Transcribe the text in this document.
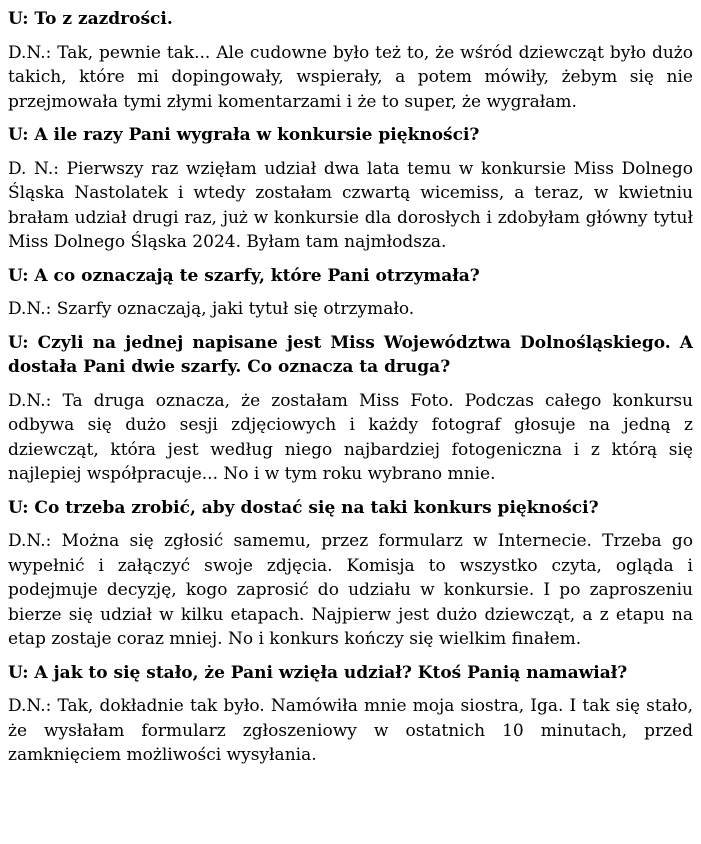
U: To z zazdrości.

D.N.: Tak, pewnie tak... Ale cudowne było też to, że wśród dziewcząt było dużo takich, które mi dopingowały, wspierały, a potem mówiły, żebym się nie przejmowała tymi złymi komentarzami i że to super, że wygrałam.

U: A ile razy Pani wygrała w konkursie piękności?

D. N.: Pierwszy raz wzięłam udział dwa lata temu w konkursie Miss Dolnego Śląska Nastolatek i wtedy zostałam czwartą wicemiss, a teraz, w kwietniu brałam udział drugi raz, już w konkursie dla dorosłych i zdobyłam główny tytuł Miss Dolnego Śląska 2024. Byłam tam najmłodsza.

U: A co oznaczają te szarfy, które Pani otrzymała?

D.N.: Szarfy oznaczają, jaki tytuł się otrzymało.

U: Czyli na jednej napisane jest Miss Województwa Dolnośląskiego. A dostała Pani dwie szarfy. Co oznacza ta druga?

D.N.: Ta druga oznacza, że zostałam Miss Foto. Podczas całego konkursu odbywa się dużo sesji zdjęciowych i każdy fotograf głosuje na jedną z dziewcząt, która jest według niego najbardziej fotogeniczna i z którą się najlepiej współpracuje... No i w tym roku wybrano mnie.

U: Co trzeba zrobić, aby dostać się na taki konkurs piękności?

D.N.: Można się zgłosić samemu, przez formularz w Internecie. Trzeba go wypełnić i załączyć swoje zdjęcia. Komisja to wszystko czyta, ogląda i podejmuje decyzję, kogo zaprosić do udziału w konkursie. I po zaproszeniu bierze się udział w kilku etapach. Najpierw jest dużo dziewcząt, a z etapu na etap zostaje coraz mniej. No i konkurs kończy się wielkim finałem.

U: A jak to się stało, że Pani wzięła udział? Ktoś Panią namawiał?

D.N.: Tak, dokładnie tak było. Namówiła mnie moja siostra, Iga. I tak się stało, że wysłałam formularz zgłoszeniowy w ostatnich 10 minutach, przed zamknięciem możliwości wysyłania.
